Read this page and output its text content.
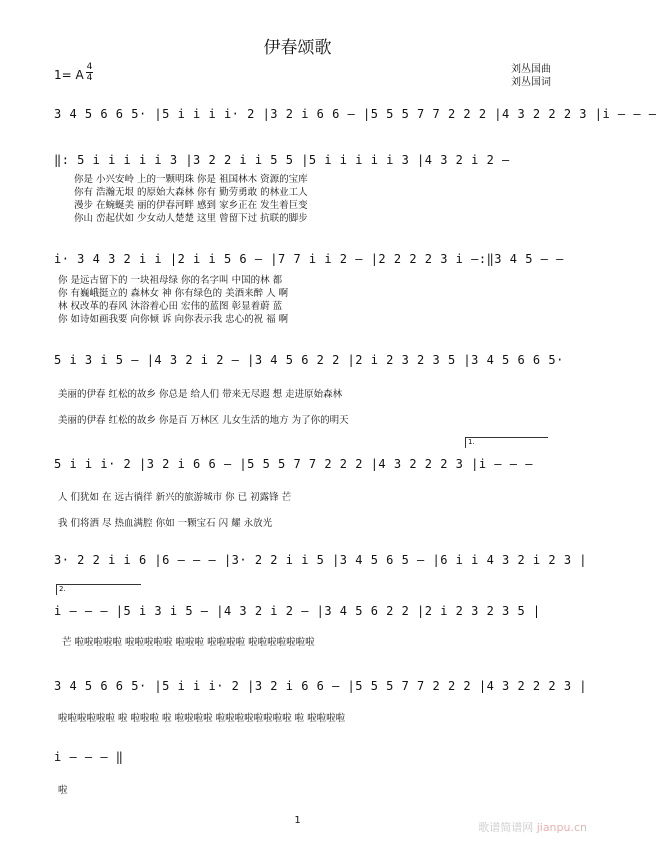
伊春颂歌
刘丛国曲
刘丛国词
1= A
4
4
3 4 5 6 6 5· |5 i i i i· 2 |3 2 i 6 6 – |5 5 5 7 7 2 2 2 |4 3 2 2 2 3 |i – – –
‖: 5 i i i i i 3 |3 2 2 i i 5 5 |5 i i i i i 3 |4 3 2 i 2 –
i· 3 4 3 2 i i |2 i i 5 6 – |7 7 i i 2 – |2 2 2 2 3 i –:‖3 4 5 – –
5 i 3 i 5 – |4 3 2 i 2 – |3 4 5 6 2 2 |2 i 2 3 2 3 5 |3 4 5 6 6 5·
5 i i i· 2 |3 2 i 6 6 – |5 5 5 7 7 2 2 2 |4 3 2 2 2 3 |i – – –
3· 2 2 i i 6 |6 – – – |3· 2 2 i i 5 |3 4 5 6 5 – |6 i i 4 3 2 i 2 3 |
i – – – |5 i 3 i 5 – |4 3 2 i 2 – |3 4 5 6 2 2 |2 i 2 3 2 3 5 |
3 4 5 6 6 5· |5 i i i· 2 |3 2 i 6 6 – |5 5 5 7 7 2 2 2 |4 3 2 2 2 3 |
i – – – ‖
你是 小兴安岭 上的一颗明珠 你是 祖国林木 资源的宝库
你有 浩瀚无垠 的原始大森林 你有 勤劳勇敢 的林业工人
漫步 在蜿蜒美 丽的伊春河畔 感到 家乡正在 发生着巨变
你山 峦起伏如 少女动人楚楚 这里 曾留下过 抗联的脚步
你 是远古留下的 一块祖母绿 你的名字叫 中国的林 都
你 有巍峨挺立的 森林女 神 你有绿色的 美酒来醉 人 啊
林 权改革的春风 沐浴着心田 宏伟的蓝图 彰显着蔚 蓝
你 如诗如画我要 向你倾 诉 向你表示我 忠心的祝 福 啊
美丽的伊春 红松的故乡 你总是 给人们 带来无尽遐 想 走进原始森林
美丽的伊春 红松的故乡 你是百 万林区 儿女生活的地方 为了你的明天
人 们犹如 在 远古徜徉 新兴的旅游城市 你 已 初露锋 芒
我 们将洒 尽 热血满腔 你如 一颗宝石 闪 耀 永放光
芒 啦啦啦啦啦 啦啦啦啦啦 啦啦啦 啦啦啦啦 啦啦啦啦啦啦啦
啦啦啦啦啦啦 啦 啦啦啦 啦 啦啦啦啦 啦啦啦啦啦啦啦啦 啦 啦啦啦啦
啦
1.
2.
1
歌谱简谱网 jianpu.cn
